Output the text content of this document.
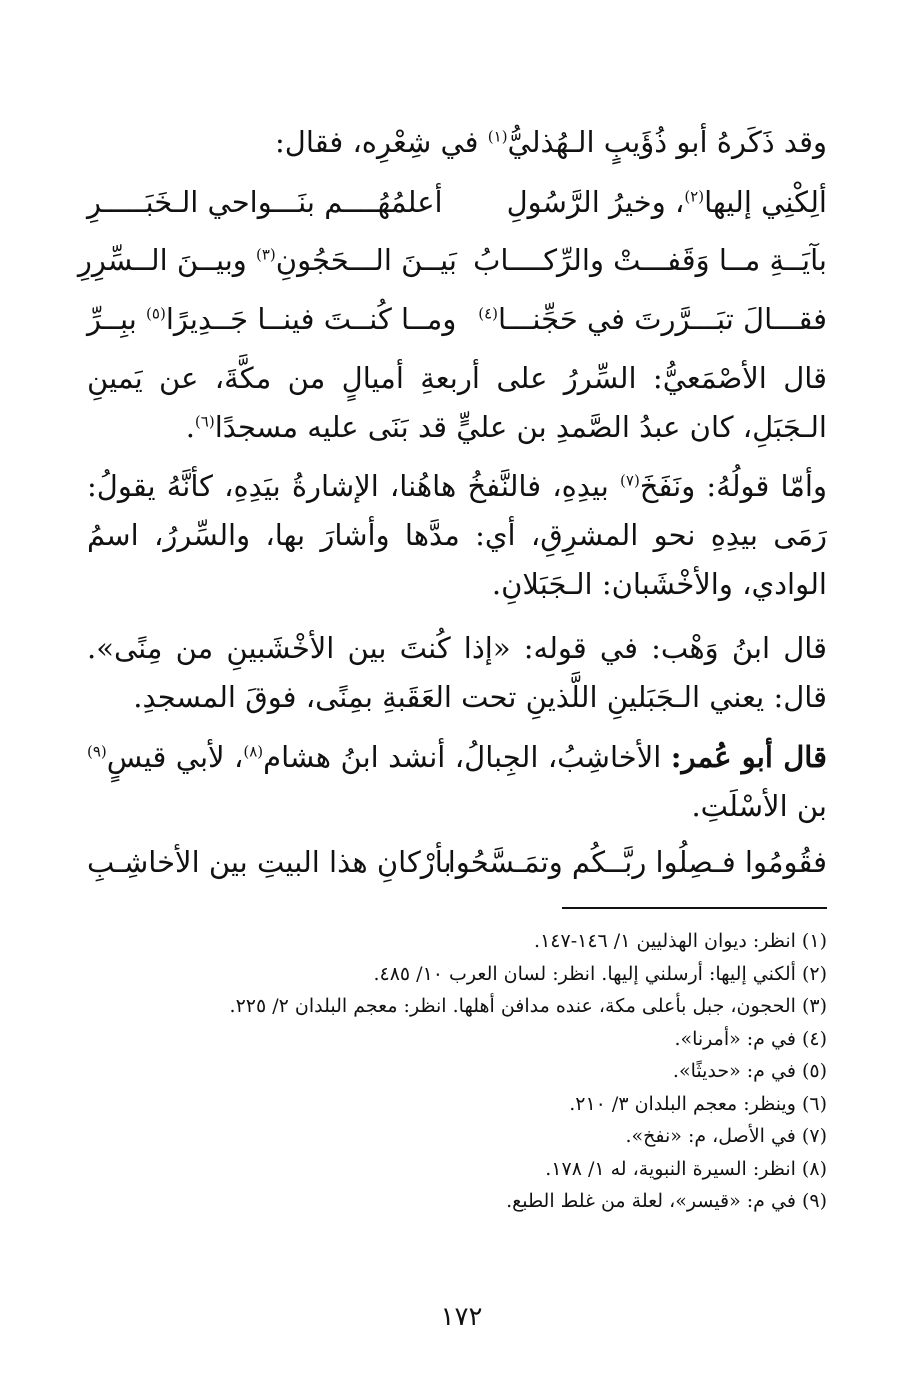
وقد ذَكَرهُ أبو ذُؤَيبٍ الـهُذليُّ$^{(١)}$ في شِعْرِه، فقال:

ألِكْنِي إليها$^{(٢)}$، وخيرُ الرَّسُولِ
أعلمُهُــــم بنَـــواحي الـخَبَـــــرِ
بآيَــةِ مــا وَقَفـــتْ والرِّكــــابُ
بَيــنَ الـــحَجُونِ$^{(٣)}$ وبيــنَ الــسِّرِرِ
فقـــالَ تبَـــرَّرتَ في حَجِّنـــا$^{(٤)}$
ومــا كُنــتَ فينــا جَــدِيرًا$^{(٥)}$ ببِــرِّ

قال الأصْمَعيُّ: السِّررُ على أربعةِ أميالٍ من مكَّةَ، عن يَمينِ الـجَبَلِ، كان عبدُ الصَّمدِ بن عليٍّ قد بَنَى عليه مسجدًا$^{(٦)}$.

وأمّا قولُهُ: ونَفَخَ$^{(٧)}$ بيدِهِ، فالنَّفخُ هاهُنا، الإشارةُ بيَدِهِ، كأنَّهُ يقولُ: رَمَى بيدِهِ نحو المشرِقِ، أي: مدَّها وأشارَ بها، والسِّررُ، اسمُ الوادي، والأخْشَبان: الـجَبَلانِ.

قال ابنُ وَهْب: في قوله: «إذا كُنتَ بين الأخْشَبينِ من مِنًى». قال: يعني الـجَبَلينِ اللَّذينِ تحت العَقَبةِ بمِنًى، فوقَ المسجدِ.

قال أبو عُمر: الأخاشِبُ، الجِبالُ، أنشد ابنُ هشام$^{(٨)}$، لأبي قيسٍ$^{(٩)}$ بن الأسْلَتِ.

فقُومُوا فـصِلُوا ربَّــكُم وتمَـسَّحُوا
بأرْكانِ هذا البيتِ بين الأخاشِـبِ
(١) انظر: ديوان الهذليين ١/ ١٤٦-١٤٧.
(٢) ألكني إليها: أرسلني إليها. انظر: لسان العرب ١٠/ ٤٨٥.
(٣) الحجون، جبل بأعلى مكة، عنده مدافن أهلها. انظر: معجم البلدان ٢/ ٢٢٥.
(٤) في م: «أمرنا».
(٥) في م: «حديثًا».
(٦) وينظر: معجم البلدان ٣/ ٢١٠.
(٧) في الأصل، م: «نفخ».
(٨) انظر: السيرة النبوية، له ١/ ١٧٨.
(٩) في م: «قيسر»، لعلة من غلط الطبع.
١٧٢
